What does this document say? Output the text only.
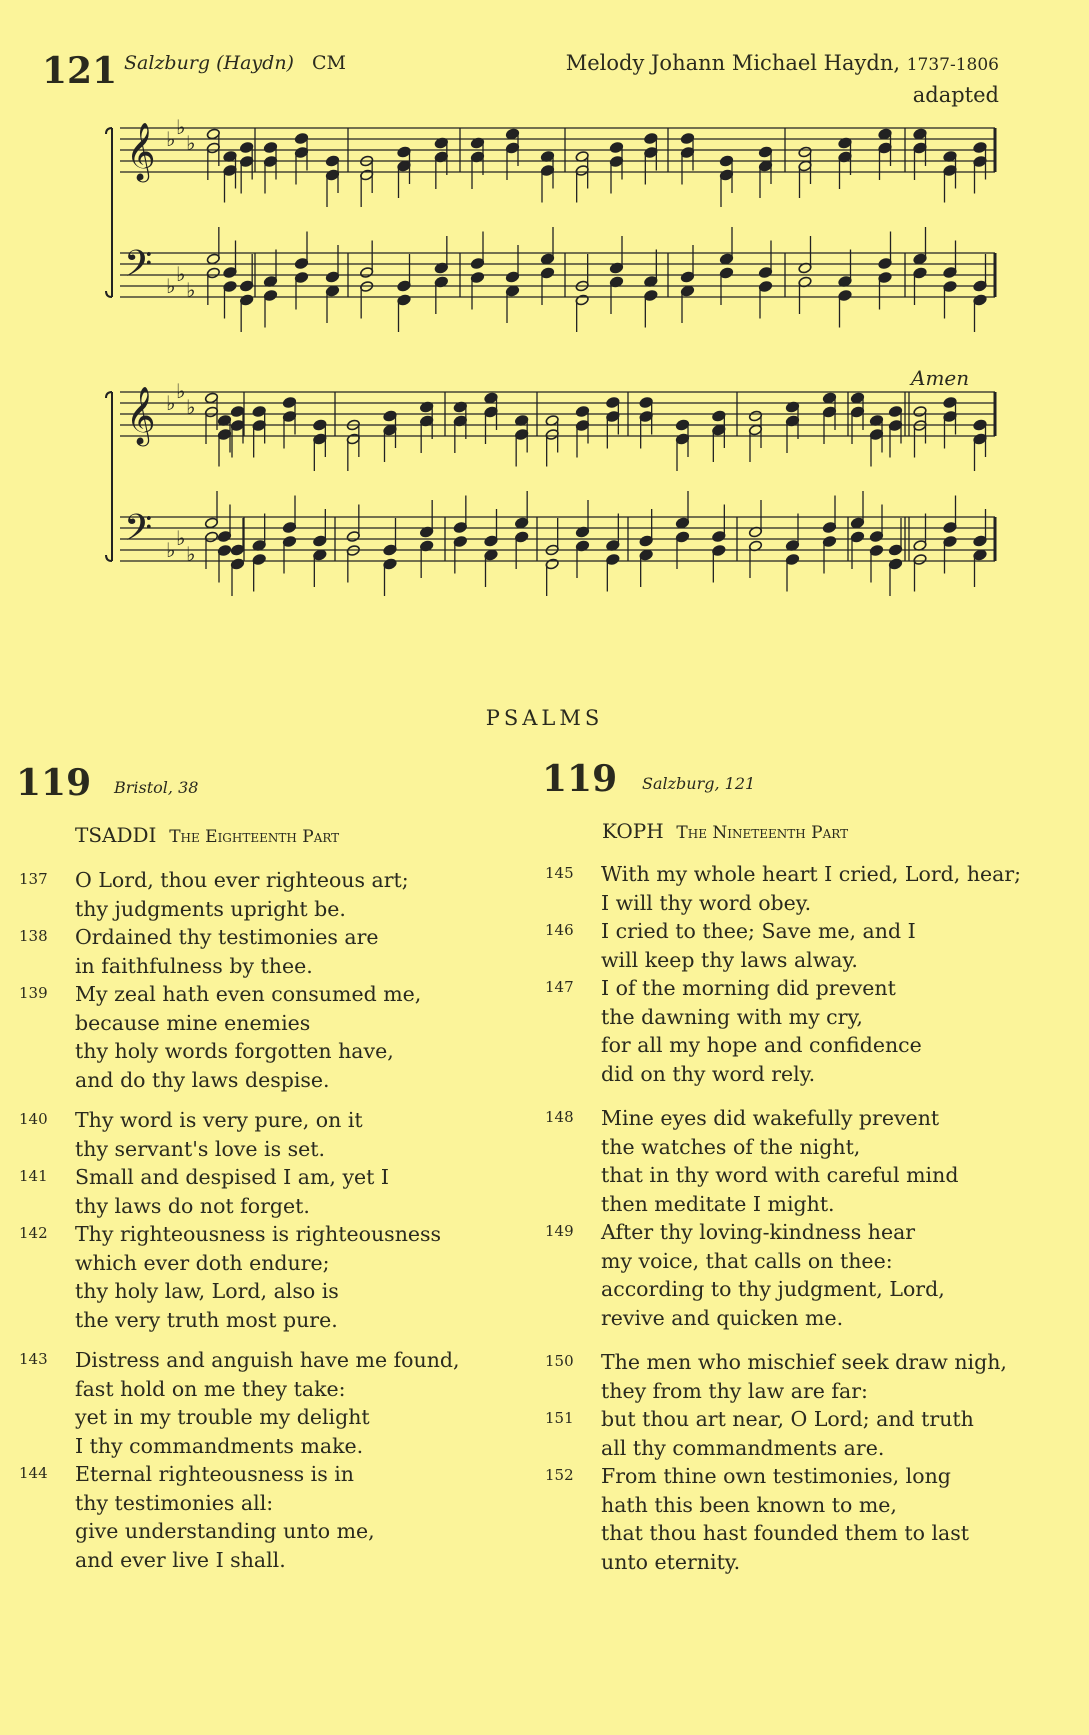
121 Salzburg (Haydn) CM	Melody Johann Michael Haydn, 1737-1806
adapted
𝄞
𝄢
♭ ♭
♭
♭ ♭
♭
𝄞
𝄢
♭ ♭
♭
♭ ♭
♭
Amen
PSALMS
119 Bristol, 38
TSADDI The Eighteenth Part
119 Salzburg, 121
KOPH The Nineteenth Part
137	O Lord, thou ever righteous art;
thy judgments upright be.
138	Ordained thy testimonies are
in faithfulness by thee.
139	My zeal hath even consumed me,
because mine enemies
thy holy words forgotten have,
and do thy laws despise.
140	Thy word is very pure, on it
thy servant's love is set.
141	Small and despised I am, yet I
thy laws do not forget.
142	Thy righteousness is righteousness
which ever doth endure;
thy holy law, Lord, also is
the very truth most pure.
143	Distress and anguish have me found,
fast hold on me they take:
yet in my trouble my delight
I thy commandments make.
144	Eternal righteousness is in
thy testimonies all:
give understanding unto me,
and ever live I shall.
145	With my whole heart I cried, Lord, hear;
I will thy word obey.
146	I cried to thee; Save me, and I
will keep thy laws alway.
147	I of the morning did prevent
the dawning with my cry,
for all my hope and confidence
did on thy word rely.
148	Mine eyes did wakefully prevent
the watches of the night,
that in thy word with careful mind
then meditate I might.
149	After thy loving-kindness hear
my voice, that calls on thee:
according to thy judgment, Lord,
revive and quicken me.
150	The men who mischief seek draw nigh,
they from thy law are far:
151	but thou art near, O Lord; and truth
all thy commandments are.
152	From thine own testimonies, long
hath this been known to me,
that thou hast founded them to last
unto eternity.
